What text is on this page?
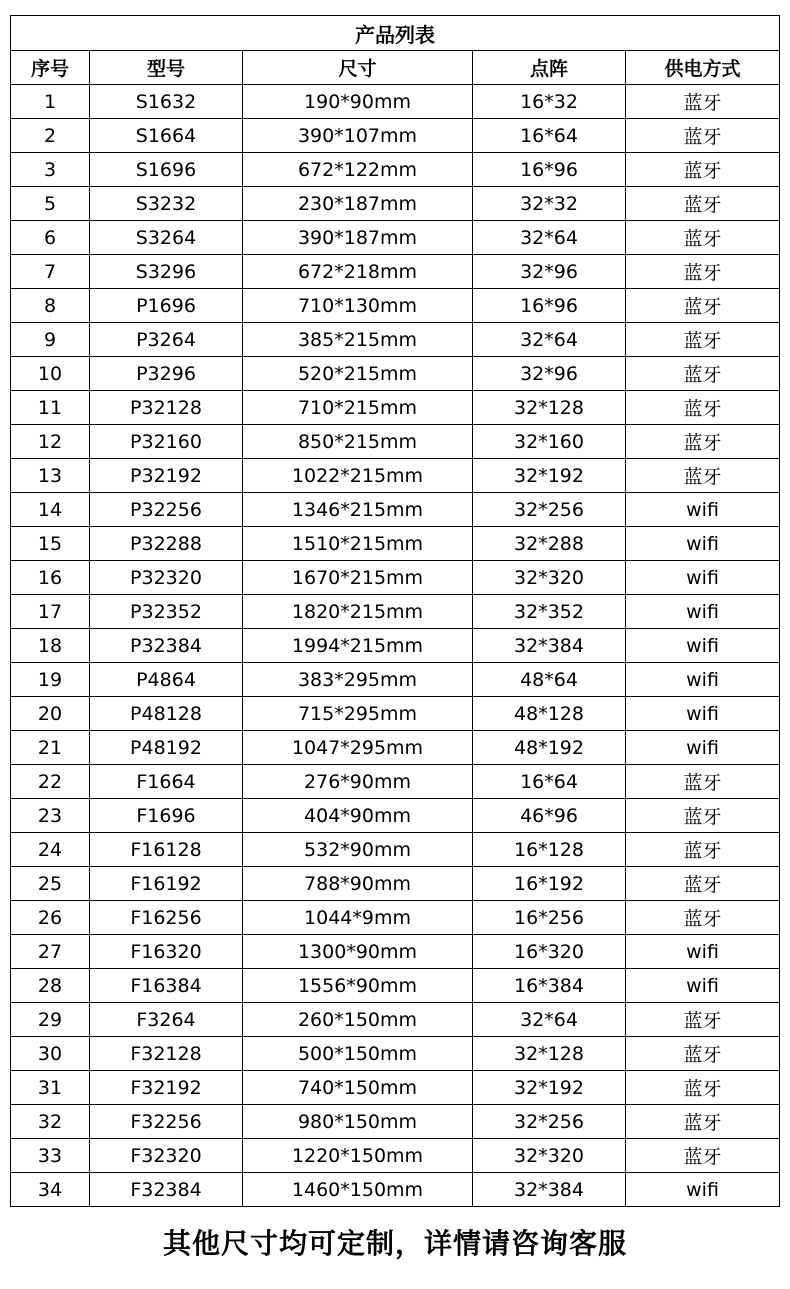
产品列表				
序号	型号	尺寸	点阵	供电方式
1	S1632	190*90mm	16*32	蓝牙
2	S1664	390*107mm	16*64	蓝牙
3	S1696	672*122mm	16*96	蓝牙
5	S3232	230*187mm	32*32	蓝牙
6	S3264	390*187mm	32*64	蓝牙
7	S3296	672*218mm	32*96	蓝牙
8	P1696	710*130mm	16*96	蓝牙
9	P3264	385*215mm	32*64	蓝牙
10	P3296	520*215mm	32*96	蓝牙
11	P32128	710*215mm	32*128	蓝牙
12	P32160	850*215mm	32*160	蓝牙
13	P32192	1022*215mm	32*192	蓝牙
14	P32256	1346*215mm	32*256	wifi
15	P32288	1510*215mm	32*288	wifi
16	P32320	1670*215mm	32*320	wifi
17	P32352	1820*215mm	32*352	wifi
18	P32384	1994*215mm	32*384	wifi
19	P4864	383*295mm	48*64	wifi
20	P48128	715*295mm	48*128	wifi
21	P48192	1047*295mm	48*192	wifi
22	F1664	276*90mm	16*64	蓝牙
23	F1696	404*90mm	46*96	蓝牙
24	F16128	532*90mm	16*128	蓝牙
25	F16192	788*90mm	16*192	蓝牙
26	F16256	1044*9mm	16*256	蓝牙
27	F16320	1300*90mm	16*320	wifi
28	F16384	1556*90mm	16*384	wifi
29	F3264	260*150mm	32*64	蓝牙
30	F32128	500*150mm	32*128	蓝牙
31	F32192	740*150mm	32*192	蓝牙
32	F32256	980*150mm	32*256	蓝牙
33	F32320	1220*150mm	32*320	蓝牙
34	F32384	1460*150mm	32*384	wifi
其他尺寸均可定制，详情请咨询客服
